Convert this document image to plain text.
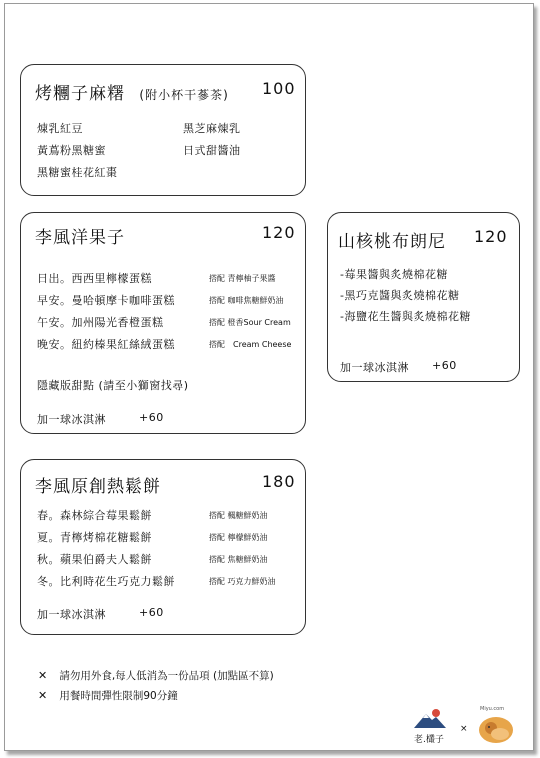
烤糰子麻糬 (附小杯干蔘茶) 100
煉乳紅豆	黑芝麻煉乳
黃蔦粉黑糖蜜	日式甜醬油
黑糖蜜桂花紅棗
李風洋果子	120
日出。西西里檸檬蛋糕	搭配 青檸柚子果醬
早安。曼哈頓摩卡咖啡蛋糕	搭配 咖啡焦糖鮮奶油
午安。加州陽光香橙蛋糕	搭配 橙香Sour Cream
晚安。紐約榛果紅絲絨蛋糕	搭配　Cream Cheese
隱藏版甜點 (請至小獅窗找尋)
加一球冰淇淋	+60
山核桃布朗尼 120
-莓果醬與炙燒棉花糖
-黑巧克醬與炙燒棉花糖
-海鹽花生醬與炙燒棉花糖
加一球冰淇淋 +60
李風原創熱鬆餅	180
春。森林綜合莓果鬆餅	搭配 楓糖鮮奶油
夏。青檸烤棉花糖鬆餅	搭配 檸檬鮮奶油
秋。蘋果伯爵夫人鬆餅	搭配 焦糖鮮奶油
冬。比利時花生巧克力鬆餅	搭配 巧克力鮮奶油
加一球冰淇淋	+60
✕ 請勿用外食,每人低消為一份品項 (加點區不算)
✕ 用餐時間彈性限制90分鐘
老.欉子
×
Miyu.com
